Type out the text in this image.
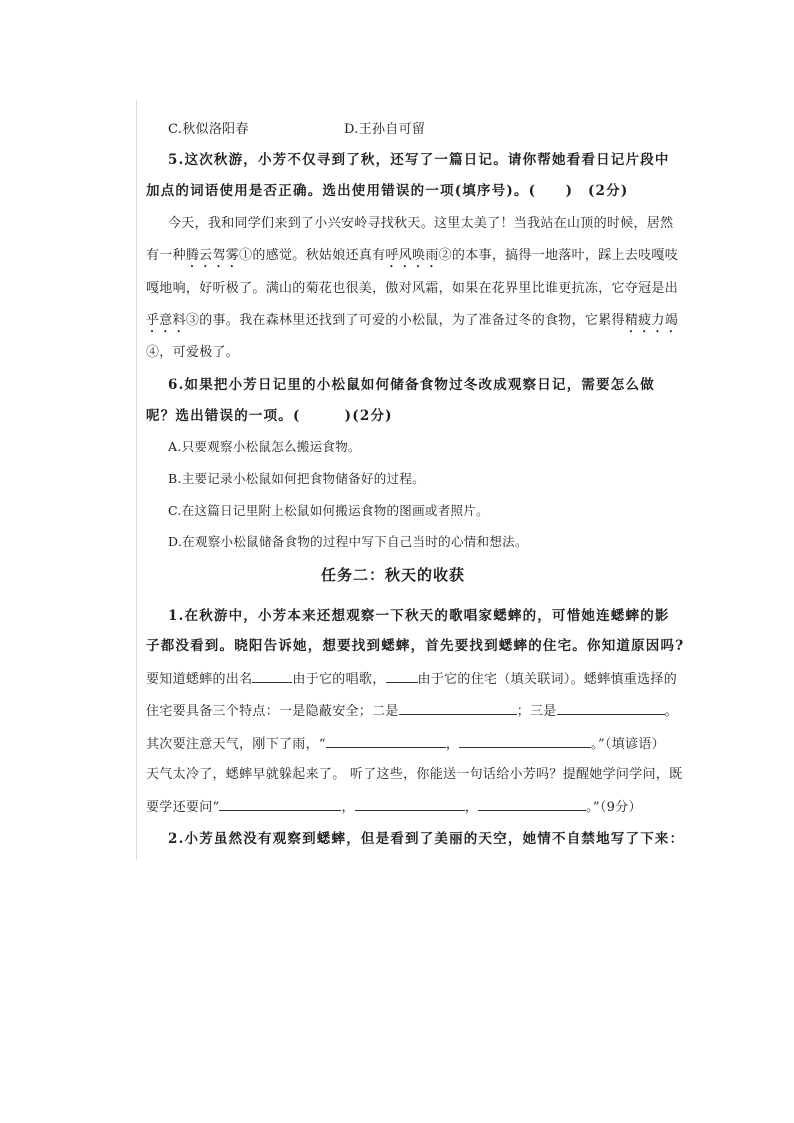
C.秋似洛阳春	D.王孙自可留
5.这次秋游，小芳不仅寻到了秋，还写了一篇日记。请你帮她看看日记片段中
加点的词语使用是否正确。选出使用错误的一项(填序号)。(　　)　(2分)
今天，我和同学们来到了小兴安岭寻找秋天。这里太美了！当我站在山顶的时候，居然
有一种腾云驾雾①的感觉。秋姑娘还真有呼风唤雨②的本事，搞得一地落叶，踩上去吱嘎吱
嘎地响，好听极了。满山的菊花也很美，傲对风霜，如果在花界里比谁更抗冻，它夺冠是出
乎意料③的事。我在森林里还找到了可爱的小松鼠，为了准备过冬的食物，它累得精疲力竭
④，可爱极了。
6.如果把小芳日记里的小松鼠如何储备食物过冬改成观察日记，需要怎么做
呢？选出错误的一项。(　　　)(2分)
A.只要观察小松鼠怎么搬运食物。
B.主要记录小松鼠如何把食物储备好的过程。
C.在这篇日记里附上松鼠如何搬运食物的图画或者照片。
D.在观察小松鼠储备食物的过程中写下自己当时的心情和想法。
任务二：秋天的收获
1.在秋游中，小芳本来还想观察一下秋天的歌唱家蟋蟀的，可惜她连蟋蟀的影
子都没看到。晓阳告诉她，想要找到蟋蟀，首先要找到蟋蟀的住宅。你知道原因吗?
要知道蟋蟀的出名	由于它的唱歌， 由于它的住宅（填关联词）。蟋蟀慎重选择的
住宅要具备三个特点：一是隐蔽安全；二是	；三是	。
其次要注意天气，刚下了雨，“	，	。”（填谚语）
天气太冷了，蟋蟀早就躲起来了。 听了这些，你能送一句话给小芳吗？提醒她学问学问，既
要学还要问“	，	，	。”（9分）
2.小芳虽然没有观察到蟋蟀，但是看到了美丽的天空，她情不自禁地写了下来：
